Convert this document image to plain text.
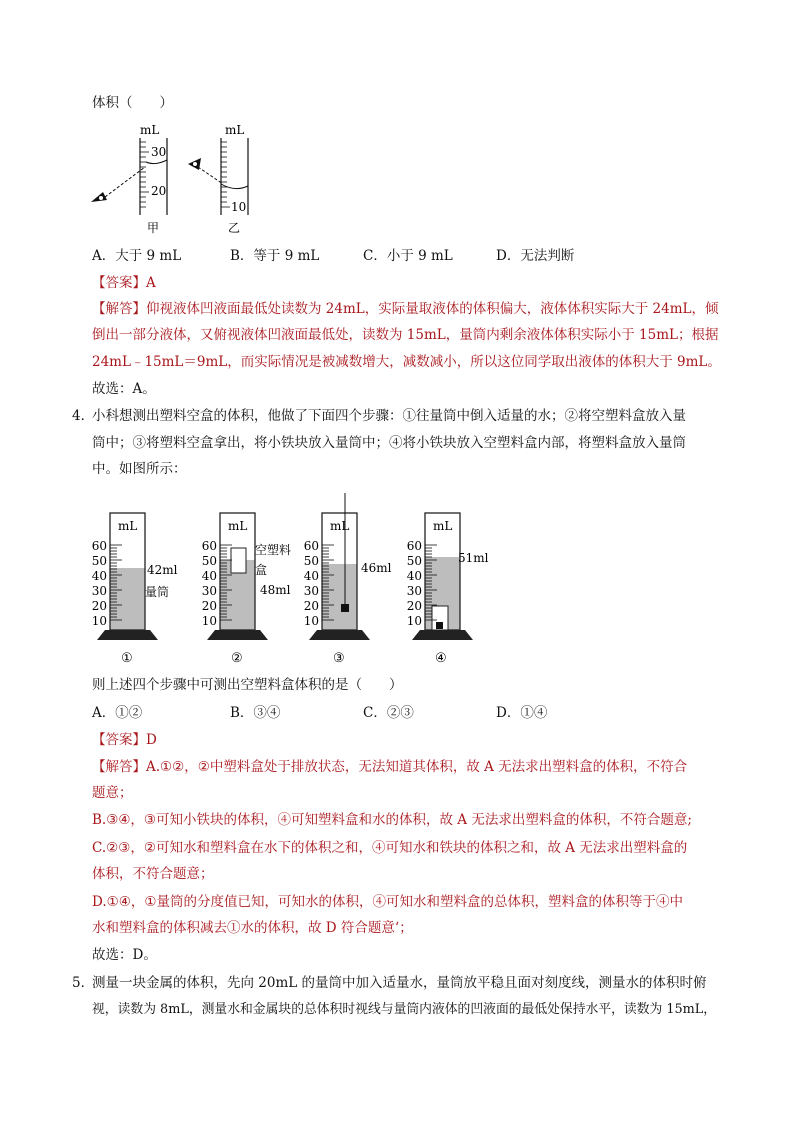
体积（　　）
mL
30
20
甲
mL
10
乙
A．大于 9 mL	B．等于 9 mL	C．小于 9 mL	D．无法判断
【答案】A
【解答】仰视液体凹液面最低处读数为 24mL，实际量取液体的体积偏大，液体体积实际大于 24mL，倾
倒出一部分液体，又俯视液体凹液面最低处，读数为 15mL，量筒内剩余液体体积实际小于 15mL；根据
24mL﹣15mL＝9mL，而实际情况是被减数增大，减数减小，所以这位同学取出液体的体积大于 9mL。
故选：A。
4．
小科想测出塑料空盒的体积，他做了下面四个步骤：①往量筒中倒入适量的水；②将空塑料盒放入量
筒中；③将塑料空盒拿出，将小铁块放入量筒中；④将小铁块放入空塑料盒内部，将塑料盒放入量筒
中。如图所示：
mL
60
50
40
30
20
10
42ml
量筒
①
mL
60
50
40
30
20
10
空塑料
盒
48ml
②
mL
60
50
40
30
20
10
46ml
③
mL
60
50
40
30
20
10
51ml
④
则上述四个步骤中可测出空塑料盒体积的是（　　）
A．①②	B．③④	C．②③	D．①④
【答案】D
【解答】A.①②，②中塑料盒处于排放状态，无法知道其体积，故 A 无法求出塑料盒的体积，不符合
题意；
B.③④，③可知小铁块的体积，④可知塑料盒和水的体积，故 A 无法求出塑料盒的体积，不符合题意;
C.②③，②可知水和塑料盒在水下的体积之和，④可知水和铁块的体积之和，故 A 无法求出塑料盒的
体积，不符合题意；
D.①④，①量筒的分度值已知，可知水的体积，④可知水和塑料盒的总体积，塑料盒的体积等于④中
水和塑料盒的体积减去①水的体积，故 D 符合题意‘；
故选：D。
5．
测量一块金属的体积，先向 20mL 的量筒中加入适量水，量筒放平稳且面对刻度线，测量水的体积时俯
视，读数为 8mL，测量水和金属块的总体积时视线与量筒内液体的凹液面的最低处保持水平，读数为 15mL，
